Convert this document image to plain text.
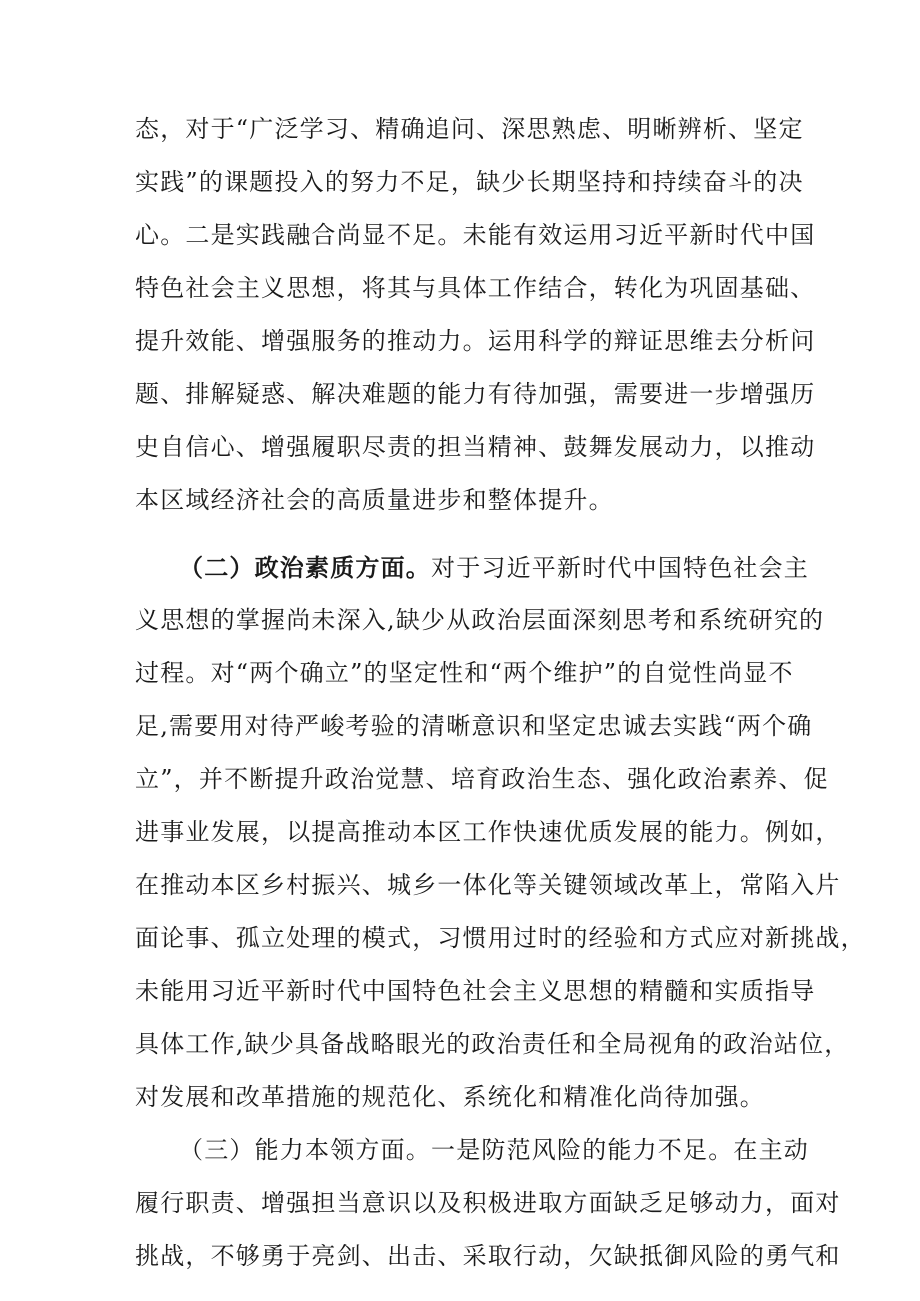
态，对于“广泛学习、精确追问、深思熟虑、明晰辨析、坚定
实践”的课题投入的努力不足，缺少长期坚持和持续奋斗的决
心。二是实践融合尚显不足。未能有效运用习近平新时代中国
特色社会主义思想，将其与具体工作结合，转化为巩固基础、
提升效能、增强服务的推动力。运用科学的辩证思维去分析问
题、排解疑惑、解决难题的能力有待加强，需要进一步增强历
史自信心、增强履职尽责的担当精神、鼓舞发展动力，以推动
本区域经济社会的高质量进步和整体提升。
（二）政治素质方面。对于习近平新时代中国特色社会主
义思想的掌握尚未深入,缺少从政治层面深刻思考和系统研究的
过程。对“两个确立”的坚定性和“两个维护”的自觉性尚显不
足,需要用对待严峻考验的清晰意识和坚定忠诚去实践“两个确
立”，并不断提升政治觉慧、培育政治生态、强化政治素养、促
进事业发展，以提高推动本区工作快速优质发展的能力。例如，
在推动本区乡村振兴、城乡一体化等关键领域改革上，常陷入片
面论事、孤立处理的模式，习惯用过时的经验和方式应对新挑战，
未能用习近平新时代中国特色社会主义思想的精髓和实质指导
具体工作,缺少具备战略眼光的政治责任和全局视角的政治站位，
对发展和改革措施的规范化、系统化和精准化尚待加强。
（三）能力本领方面。一是防范风险的能力不足。在主动
履行职责、增强担当意识以及积极进取方面缺乏足够动力，面对
挑战，不够勇于亮剑、出击、采取行动，欠缺抵御风险的勇气和
